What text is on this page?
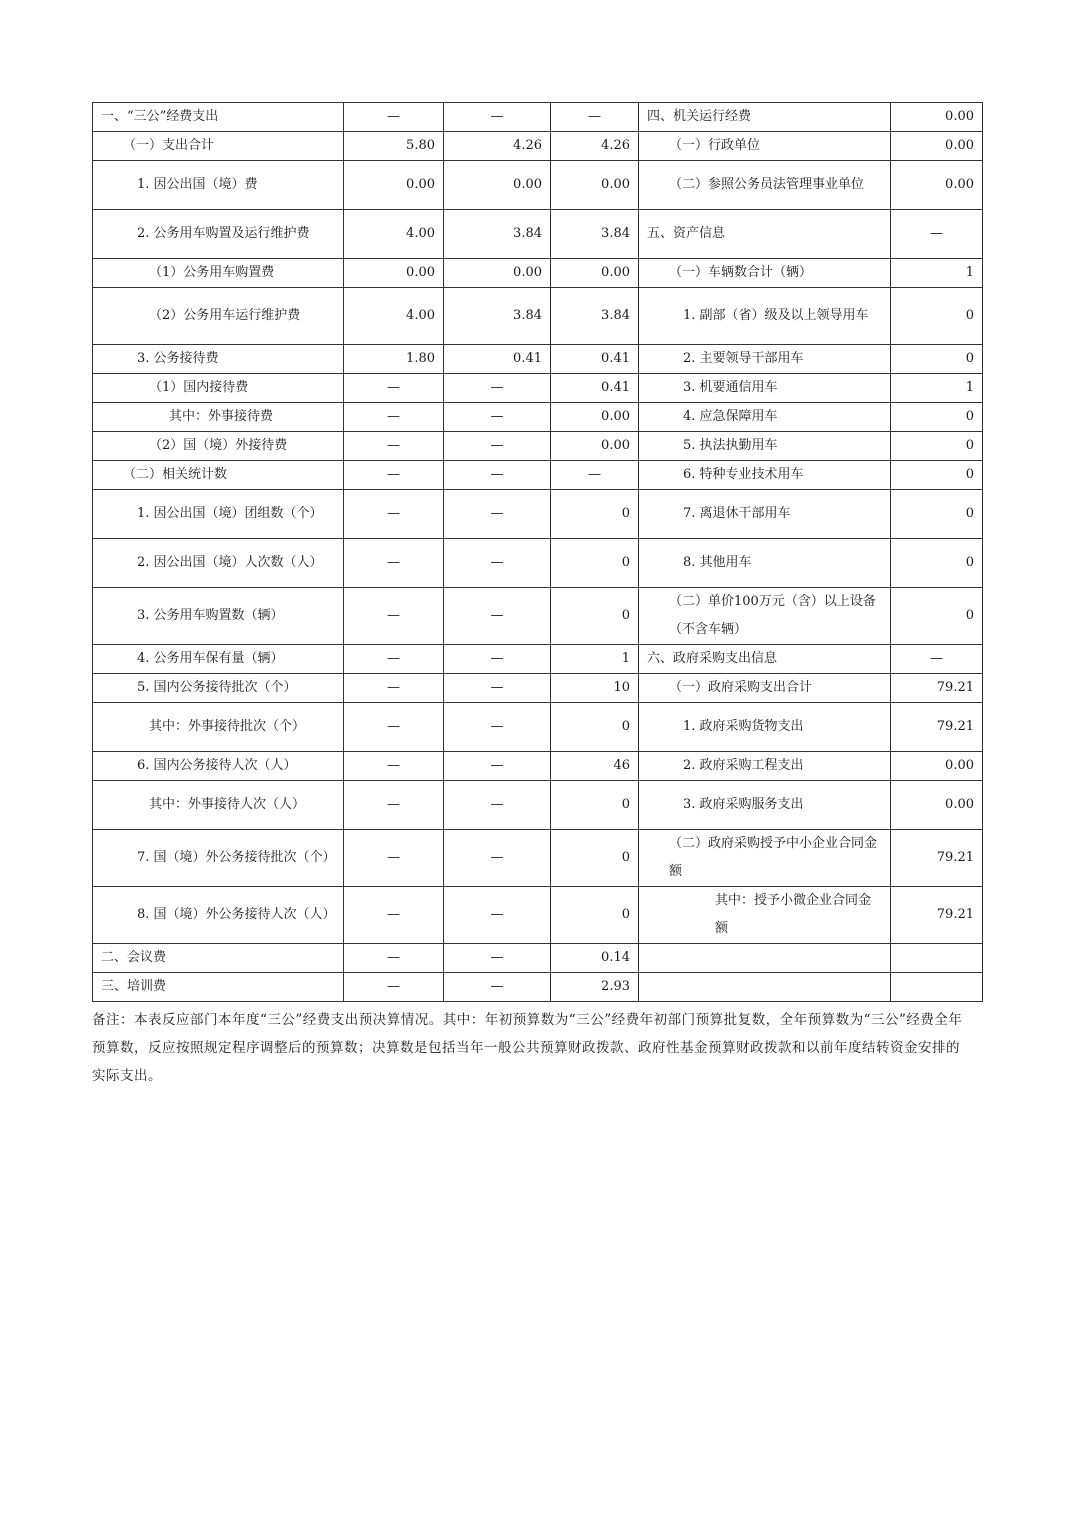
一、“三公”经费支出	—	—	—	四、机关运行经费	0.00
（一）支出合计	5.80	4.26	4.26	（一）行政单位	0.00
1. 因公出国（境）费	0.00	0.00	0.00	（二）参照公务员法管理事业单位	0.00
2. 公务用车购置及运行维护费	4.00	3.84	3.84	五、资产信息	—
（1）公务用车购置费	0.00	0.00	0.00	（一）车辆数合计（辆）	1
（2）公务用车运行维护费	4.00	3.84	3.84	1. 副部（省）级及以上领导用车	0
3. 公务接待费	1.80	0.41	0.41	2. 主要领导干部用车	0
（1）国内接待费	—	—	0.41	3. 机要通信用车	1
其中：外事接待费	—	—	0.00	4. 应急保障用车	0
（2）国（境）外接待费	—	—	0.00	5. 执法执勤用车	0
（二）相关统计数	—	—	—	6. 特种专业技术用车	0
1. 因公出国（境）团组数（个）	—	—	0	7. 离退休干部用车	0
2. 因公出国（境）人次数（人）	—	—	0	8. 其他用车	0
3. 公务用车购置数（辆）	—	—	0	（二）单价100万元（含）以上设备（不含车辆）	0
4. 公务用车保有量（辆）	—	—	1	六、政府采购支出信息	—
5. 国内公务接待批次（个）	—	—	10	（一）政府采购支出合计	79.21
其中：外事接待批次（个）	—	—	0	1. 政府采购货物支出	79.21
6. 国内公务接待人次（人）	—	—	46	2. 政府采购工程支出	0.00
其中：外事接待人次（人）	—	—	0	3. 政府采购服务支出	0.00
7. 国（境）外公务接待批次（个）	—	—	0	（二）政府采购授予中小企业合同金额	79.21
8. 国（境）外公务接待人次（人）	—	—	0	其中：授予小微企业合同金额	79.21
二、会议费	—	—	0.14		
三、培训费	—	—	2.93		
备注：本表反应部门本年度“三公”经费支出预决算情况。其中：年初预算数为“三公”经费年初部门预算批复数，全年预算数为“三公”经费全年预算数，反应按照规定程序调整后的预算数；决算数是包括当年一般公共预算财政拨款、政府性基金预算财政拨款和以前年度结转资金安排的实际支出。
